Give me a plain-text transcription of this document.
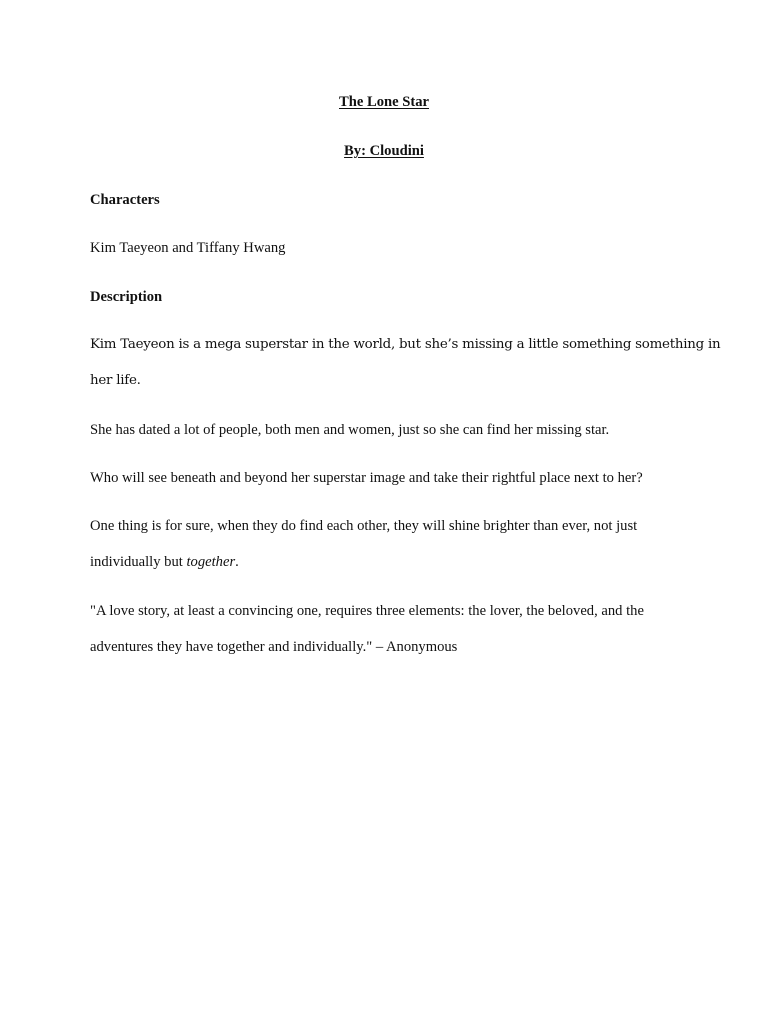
The Lone Star
By: Cloudini
Characters
Kim Taeyeon and Tiffany Hwang
Description
Kim Taeyeon is a mega superstar in the world, but she’s missing a little something something in
her life.
She has dated a lot of people, both men and women, just so she can find her missing star.
Who will see beneath and beyond her superstar image and take their rightful place next to her?
One thing is for sure, when they do find each other, they will shine brighter than ever, not just
individually but together.
"A love story, at least a convincing one, requires three elements: the lover, the beloved, and the
adventures they have together and individually." – Anonymous
